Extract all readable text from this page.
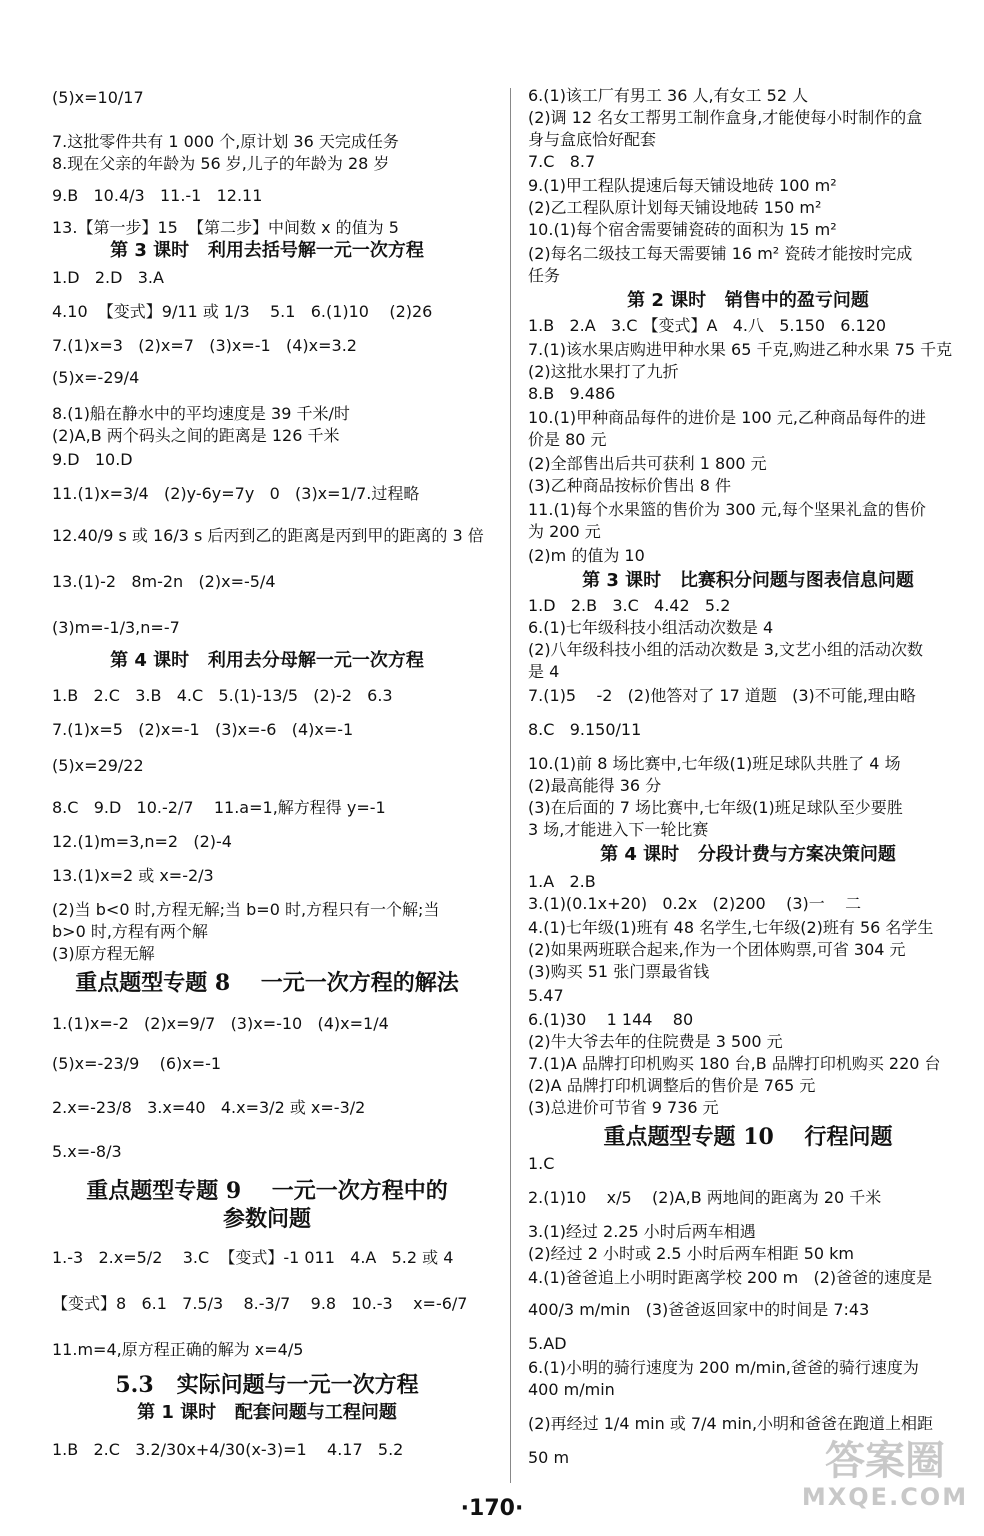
(5)x=10/17
7.这批零件共有 1 000 个,原计划 36 天完成任务
8.现在父亲的年龄为 56 岁,儿子的年龄为 28 岁
9.B   10.4/3   11.-1   12.11
13.【第一步】15  【第二步】中间数 x 的值为 5
第 3 课时   利用去括号解一元一次方程
1.D   2.D   3.A
4.10  【变式】9/11 或 1/3    5.1   6.(1)10    (2)26
7.(1)x=3   (2)x=7   (3)x=-1   (4)x=3.2
(5)x=-29/4
8.(1)船在静水中的平均速度是 39 千米/时
(2)A,B 两个码头之间的距离是 126 千米
9.D   10.D
11.(1)x=3/4   (2)y-6y=7y   0   (3)x=1/7.过程略
12.40/9 s 或 16/3 s 后丙到乙的距离是丙到甲的距离的 3 倍
13.(1)-2   8m-2n   (2)x=-5/4
(3)m=-1/3,n=-7
第 4 课时   利用去分母解一元一次方程
1.B   2.C   3.B   4.C   5.(1)-13/5   (2)-2   6.3
7.(1)x=5   (2)x=-1   (3)x=-6   (4)x=-1
(5)x=29/22
8.C   9.D   10.-2/7    11.a=1,解方程得 y=-1
12.(1)m=3,n=2   (2)-4
13.(1)x=2 或 x=-2/3
(2)当 b<0 时,方程无解;当 b=0 时,方程只有一个解;当
b>0 时,方程有两个解
(3)原方程无解
重点题型专题 8    一元一次方程的解法
1.(1)x=-2   (2)x=9/7   (3)x=-10   (4)x=1/4
(5)x=-23/9    (6)x=-1
2.x=-23/8   3.x=40   4.x=3/2 或 x=-3/2
5.x=-8/3
重点题型专题 9    一元一次方程中的
参数问题
1.-3   2.x=5/2    3.C  【变式】-1 011   4.A   5.2 或 4
【变式】8   6.1   7.5/3    8.-3/7    9.8   10.-3    x=-6/7
11.m=4,原方程正确的解为 x=4/5
5.3   实际问题与一元一次方程
第 1 课时   配套问题与工程问题
1.B   2.C   3.2/30x+4/30(x-3)=1    4.17   5.2
6.(1)该工厂有男工 36 人,有女工 52 人
(2)调 12 名女工帮男工制作盒身,才能使每小时制作的盒
身与盒底恰好配套
7.C   8.7
9.(1)甲工程队提速后每天铺设地砖 100 m²
(2)乙工程队原计划每天铺设地砖 150 m²
10.(1)每个宿舍需要铺瓷砖的面积为 15 m²
(2)每名二级技工每天需要铺 16 m² 瓷砖才能按时完成
任务
第 2 课时   销售中的盈亏问题
1.B   2.A   3.C 【变式】A   4.八   5.150   6.120
7.(1)该水果店购进甲种水果 65 千克,购进乙种水果 75 千克
(2)这批水果打了九折
8.B   9.486
10.(1)甲种商品每件的进价是 100 元,乙种商品每件的进
价是 80 元
(2)全部售出后共可获利 1 800 元
(3)乙种商品按标价售出 8 件
11.(1)每个水果篮的售价为 300 元,每个坚果礼盒的售价
为 200 元
(2)m 的值为 10
第 3 课时   比赛积分问题与图表信息问题
1.D   2.B   3.C   4.42   5.2
6.(1)七年级科技小组活动次数是 4
(2)八年级科技小组的活动次数是 3,文艺小组的活动次数
是 4
7.(1)5    -2   (2)他答对了 17 道题   (3)不可能,理由略
8.C   9.150/11
10.(1)前 8 场比赛中,七年级(1)班足球队共胜了 4 场
(2)最高能得 36 分
(3)在后面的 7 场比赛中,七年级(1)班足球队至少要胜
3 场,才能进入下一轮比赛
第 4 课时   分段计费与方案决策问题
1.A   2.B
3.(1)(0.1x+20)   0.2x   (2)200    (3)一    二
4.(1)七年级(1)班有 48 名学生,七年级(2)班有 56 名学生
(2)如果两班联合起来,作为一个团体购票,可省 304 元
(3)购买 51 张门票最省钱
5.47
6.(1)30    1 144    80
(2)牛大爷去年的住院费是 3 500 元
7.(1)A 品牌打印机购买 180 台,B 品牌打印机购买 220 台
(2)A 品牌打印机调整后的售价是 765 元
(3)总进价可节省 9 736 元
重点题型专题 10    行程问题
1.C
2.(1)10    x/5    (2)A,B 两地间的距离为 20 千米
3.(1)经过 2.25 小时后两车相遇
(2)经过 2 小时或 2.5 小时后两车相距 50 km
4.(1)爸爸追上小明时距离学校 200 m   (2)爸爸的速度是
400/3 m/min   (3)爸爸返回家中的时间是 7:43
5.AD
6.(1)小明的骑行速度为 200 m/min,爸爸的骑行速度为
400 m/min
(2)再经过 1/4 min 或 7/4 min,小明和爸爸在跑道上相距
50 m
·170·
答案圈
MXQE.COM
